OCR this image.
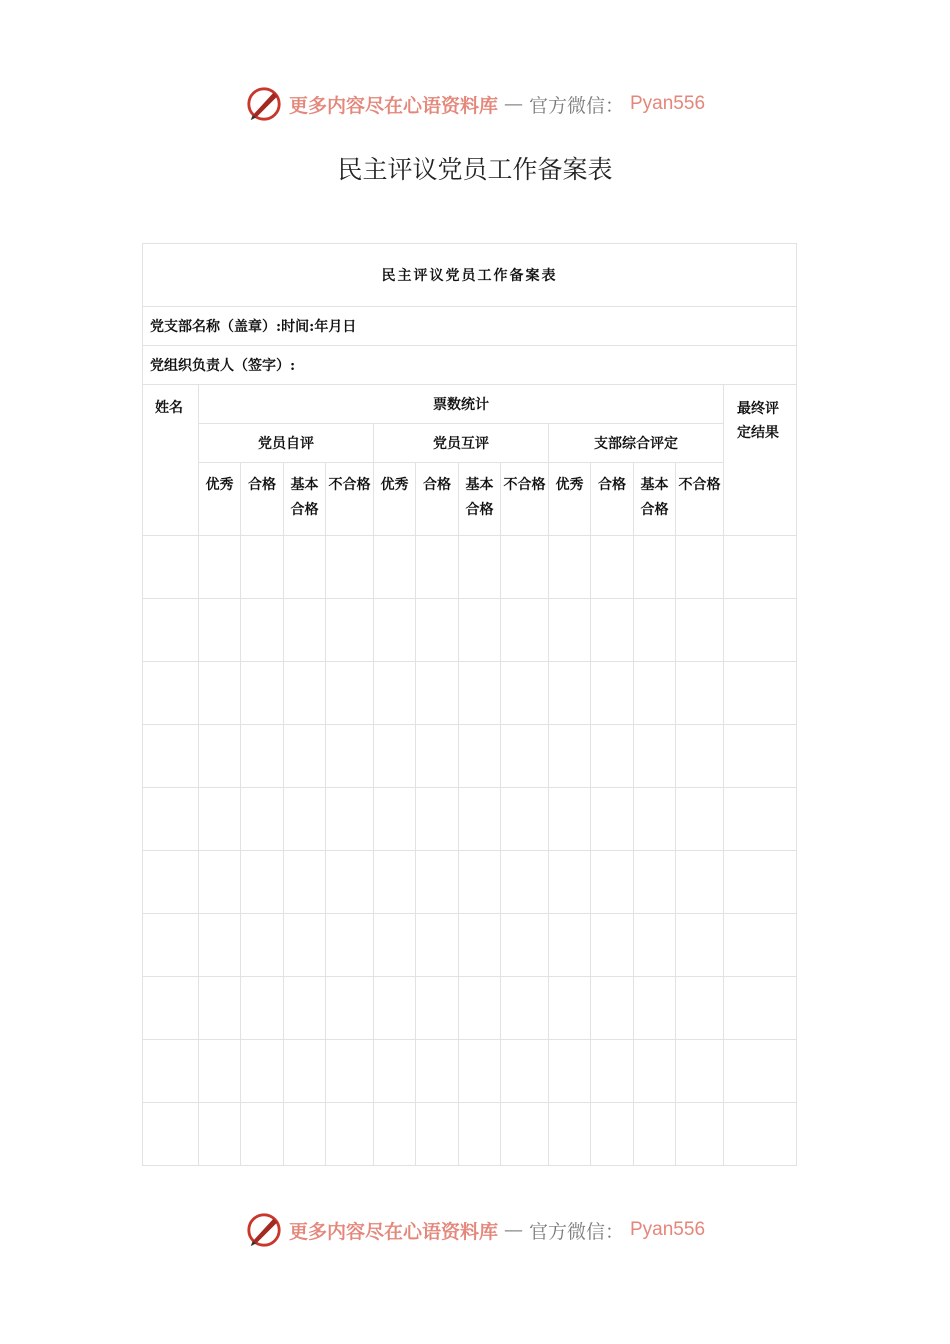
更多内容尽在心语资料库 — 官方微信： Pyan556
民主评议党员工作备案表
民主评议党员工作备案表													
党支部名称（盖章）:时间:年月日													
党组织负责人（签字）:													
姓名	票数统计												最终评定结果
	党员自评				党员互评				支部综合评定				
	优秀	合格	基本合格	不合格	优秀	合格	基本合格	不合格	优秀	合格	基本合格	不合格	

更多内容尽在心语资料库 — 官方微信： Pyan556
